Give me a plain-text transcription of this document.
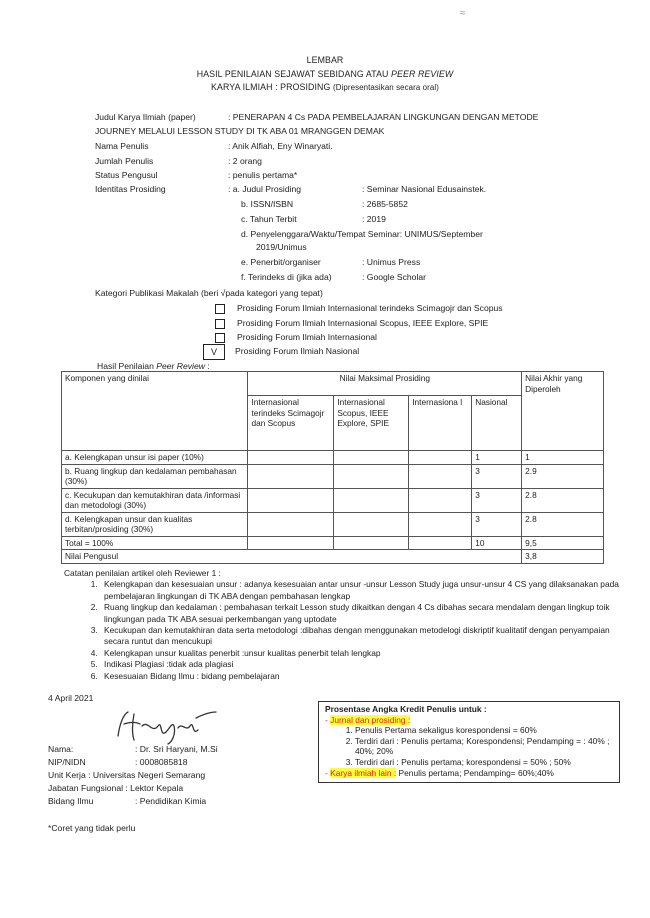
≈
LEMBAR
HASIL PENILAIAN SEJAWAT SEBIDANG ATAU PEER REVIEW
KARYA ILMIAH : PROSIDING (Dipresentasikan secara oral)
Judul Karya Ilmiah (paper)	: PENERAPAN 4 Cs PADA PEMBELAJARAN LINGKUNGAN DENGAN METODE
JOURNEY MELALUI LESSON STUDY DI TK ABA 01 MRANGGEN DEMAK
Nama Penulis	: Anik Alfiah, Eny Winaryati.
Jumlah Penulis	: 2 orang
Status Pengusul	: penulis pertama*
Identitas Prosiding	: a. Judul Prosiding	: Seminar Nasional Edusainstek.
b. ISSN/ISBN	: 2685-5852
c. Tahun Terbit	: 2019
d. Penyelenggara/Waktu/Tempat Seminar: UNIMUS/September
2019/Unimus
e. Penerbit/organiser	: Unimus Press
f. Terindeks di (jika ada)	: Google Scholar
Kategori Publikasi Makalah (beri √pada kategori yang tepat)
Prosiding Forum Ilmiah Internasional terindeks Scimagojr dan Scopus
Prosiding Forum Ilmiah Internasional Scopus, IEEE Explore, SPIE
Prosiding Forum Ilmiah Internasional
V	Prosiding Forum Ilmiah Nasional
Hasil Penilaian Peer Review :
Komponen yang dinilai	Nilai Maksimal Prosiding				Nilai Akhir yang Diperoleh
	Internasional terindeks Scimagojr dan Scopus	Internasional Scopus, IEEE Explore, SPIE	Internasiona l	Nasional	
a. Kelengkapan unsur isi paper (10%)				1	1
b. Ruang lingkup dan kedalaman pembahasan (30%)				3	2.9
c. Kecukupan dan kemutakhiran data /informasi dan metodologi (30%)				3	2.8
d. Kelengkapan unsur dan kualitas terbitan/prosiding (30%)				3	2.8
Total = 100%				10	9,5
Nilai Pengusul					3,8
Catatan penilaian artikel oleh Reviewer 1 :
1. Kelengkapan dan kesesuaian unsur : adanya kesesuaian antar unsur -unsur Lesson Study juga unsur-unsur 4 CS yang dilaksanakan pada pembelajaran lingkungan di TK ABA dengan pembahasan lengkap
2. Ruang lingkup dan kedalaman : pembahasan terkait Lesson study dikaitkan dengan 4 Cs dibahas secara mendalam dengan lingkup toik lingkungan pada TK ABA sesuai perkembangan yang uptodate
3. Kecukupan dan kemutakhiran data serta metodologi :dibahas dengan menggunakan metodelogi diskriptif kualitatif dengan penyampaian secara runtut dan mencukupi
4. Kelengkapan unsur kualitas penerbit :unsur kualitas penerbit telah lengkap
5. Indikasi Plagiasi :tidak ada plagiasi
6. Kesesuaian Bidang Ilmu : bidang pembelajaran
4 April 2021
Nama:	: Dr. Sri Haryani, M.Si
NIP/NIDN	: 0008085818
Unit Kerja : Universitas Negeri Semarang
Jabatan Fungsional : Lektor Kepala
Bidang Ilmu	: Pendidikan Kimia
Prosentase Angka Kredit Penulis untuk :
- Jurnal dan prosiding :
1. Penulis Pertama sekaligus korespondensi = 60%
2. Terdiri dari : Penulis pertama; Korespondensi; Pendamping = : 40% ; 40%; 20%
3. Terdiri dari : Penulis pertama; korespondensi = 50% ; 50%
- Karya ilmiah lain : Penulis pertama; Pendamping= 60%;40%
*Coret yang tidak perlu
